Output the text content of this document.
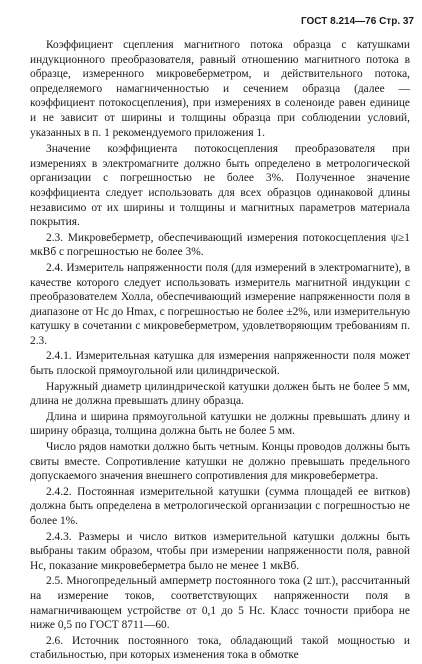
ГОСТ 8.214—76 Стр. 37

Коэффициент сцепления магнитного потока образца с катушками индукционного преобразователя, равный отношению магнитного потока в образце, измеренного микровеберметром, и действительного потока, определяемого намагниченностью и сечением образца (далее — коэффициент потокосцепления), при измерениях в соленоиде равен единице и не зависит от ширины и толщины образца при соблюдении условий, указанных в п. 1 рекомендуемого приложения 1.

Значение коэффициента потокосцепления преобразователя при измерениях в электромагните должно быть определено в метрологической организации с погрешностью не более 3%. Полученное значение коэффициента следует использовать для всех образцов одинаковой длины независимо от их ширины и толщины и магнитных параметров материала покрытия.

2.3. Микровеберметр, обеспечивающий измерения потокосцепления ψ≥1 мкВб с погрешностью не более 3%.

2.4. Измеритель напряженности поля (для измерений в электромагните), в качестве которого следует использовать измеритель магнитной индукции с преобразователем Холла, обеспечивающий измерение напряженности поля в диапазоне от Hc до Hmax, с погрешностью не более ±2%, или измерительную катушку в сочетании с микровеберметром, удовлетворяющим требованиям п. 2.3.

2.4.1. Измерительная катушка для измерения напряженности поля может быть плоской прямоугольной или цилиндрической.

Наружный диаметр цилиндрической катушки должен быть не более 5 мм, длина не должна превышать длину образца.

Длина и ширина прямоугольной катушки не должны превышать длину и ширину образца, толщина должна быть не более 5 мм.

Число рядов намотки должно быть четным. Концы проводов должны быть свиты вместе. Сопротивление катушки не должно превышать предельного допускаемого значения внешнего сопротивления для микровеберметра.

2.4.2. Постоянная измерительной катушки (сумма площадей ее витков) должна быть определена в метрологической организации с погрешностью не более 1%.

2.4.3. Размеры и число витков измерительной катушки должны быть выбраны таким образом, чтобы при измерении напряженности поля, равной Hc, показание микровеберметра было не менее 1 мкВб.

2.5. Многопредельный амперметр постоянного тока (2 шт.), рассчитанный на измерение токов, соответствующих напряженности поля в намагничивающем устройстве от 0,1 до 5 Hc. Класс точности прибора не ниже 0,5 по ГОСТ 8711—60.

2.6. Источник постоянного тока, обладающий такой мощностью и стабильностью, при которых изменения тока в обмотке
